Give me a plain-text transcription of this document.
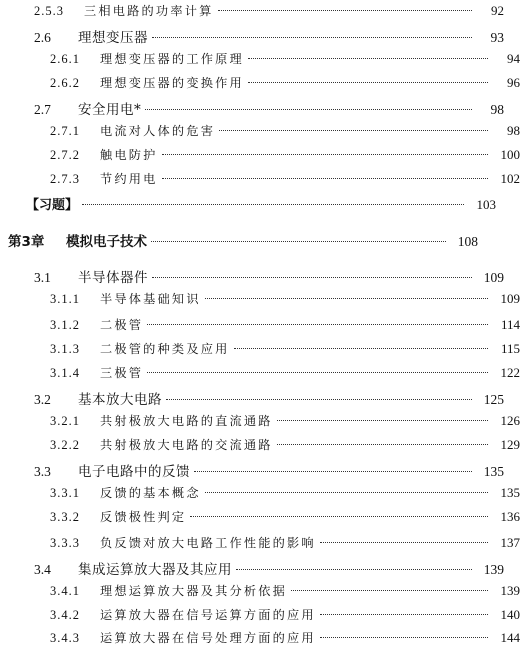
2.5.3	三相电路的功率计算	92
2.6	理想变压器	93
2.6.1	理想变压器的工作原理	94
2.6.2	理想变压器的变换作用	96
2.7	安全用电*	98
2.7.1	电流对人体的危害	98
2.7.2	触电防护	100
2.7.3	节约用电	102
【习题】	103
第3章	模拟电子技术	108
3.1	半导体器件	109
3.1.1	半导体基础知识	109
3.1.2	二极管	114
3.1.3	二极管的种类及应用	115
3.1.4	三极管	122
3.2	基本放大电路	125
3.2.1	共射极放大电路的直流通路	126
3.2.2	共射极放大电路的交流通路	129
3.3	电子电路中的反馈	135
3.3.1	反馈的基本概念	135
3.3.2	反馈极性判定	136
3.3.3	负反馈对放大电路工作性能的影响	137
3.4	集成运算放大器及其应用	139
3.4.1	理想运算放大器及其分析依据	139
3.4.2	运算放大器在信号运算方面的应用	140
3.4.3	运算放大器在信号处理方面的应用	144
